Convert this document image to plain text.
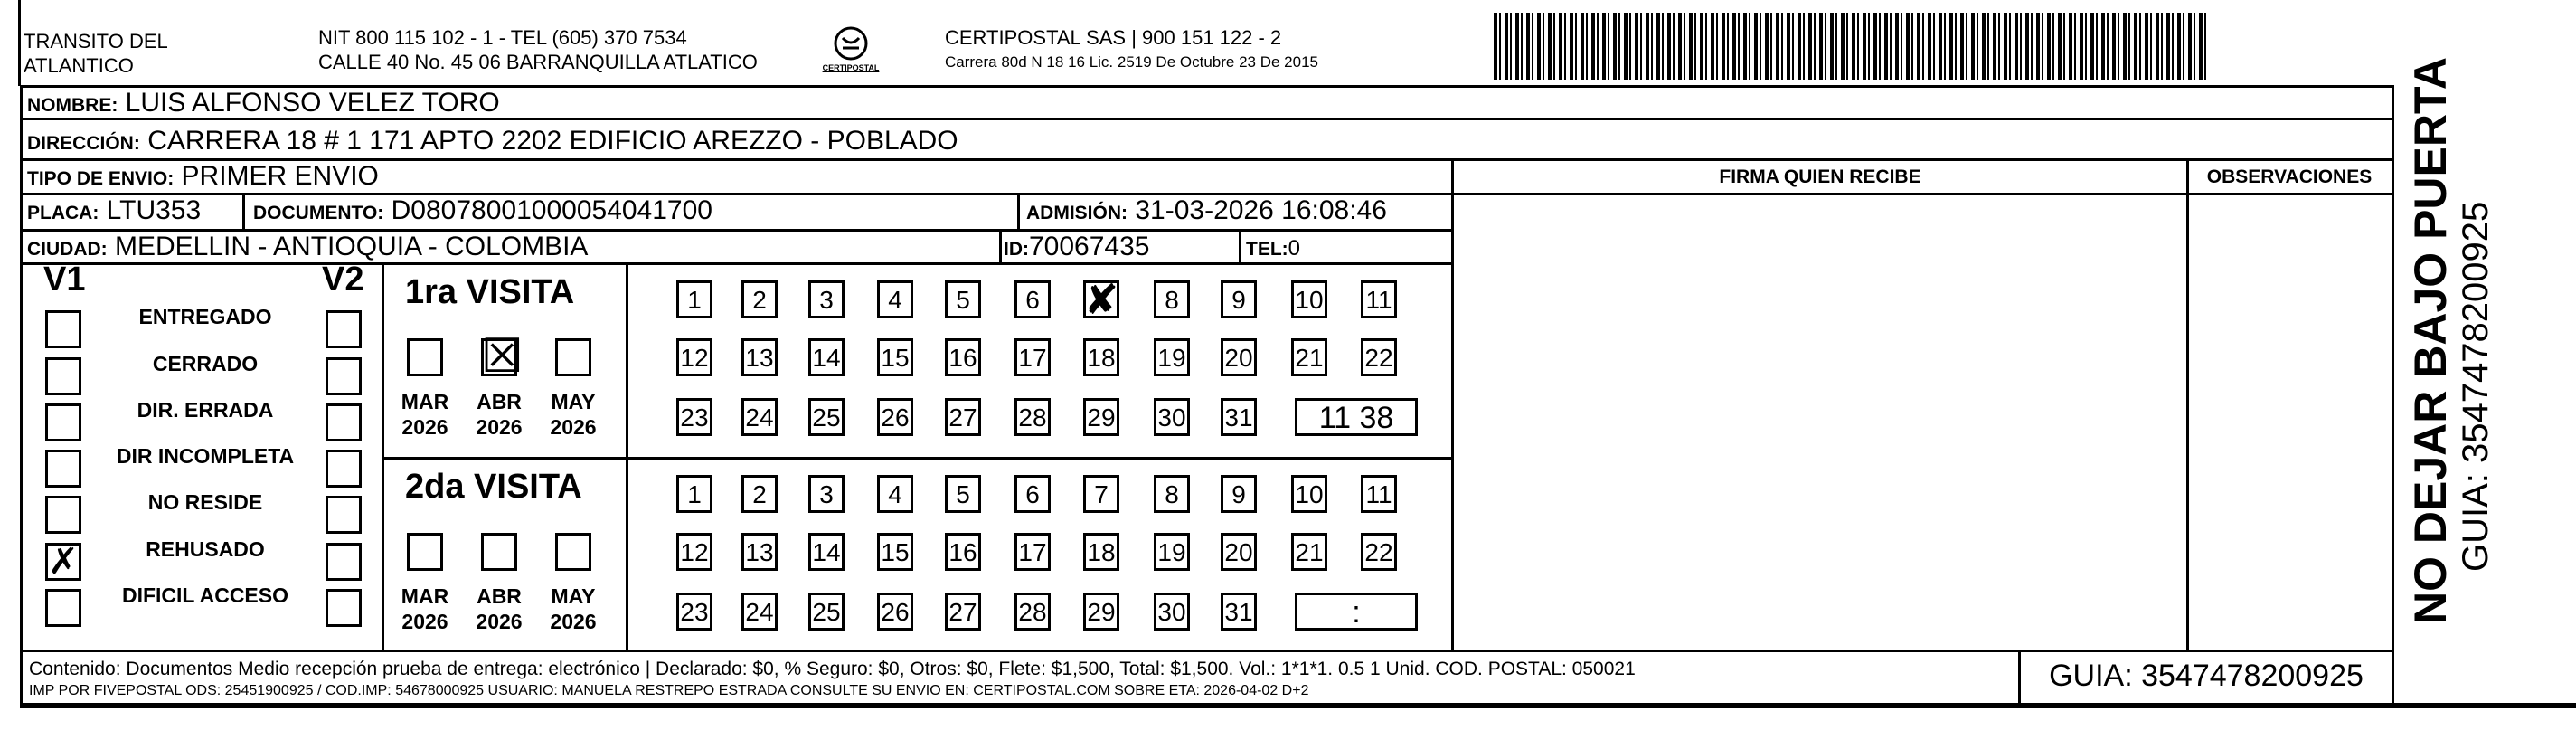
TRANSITO DEL
ATLANTICO
NIT 800 115 102 - 1 - TEL (605) 370 7534
CALLE 40 No. 45 06 BARRANQUILLA ATLATICO	CERTIPOSTAL
CERTIPOSTAL SAS | 900 151 122 - 2
Carrera 80d N 18 16 Lic. 2519 De Octubre 23 De 2015
NOMBRE: LUIS ALFONSO VELEZ TORO
DIRECCIÓN: CARRERA 18 # 1 171 APTO 2202 EDIFICIO AREZZO - POBLADO
TIPO DE ENVIO: PRIMER ENVIO	FIRMA QUIEN RECIBE	OBSERVACIONES
PLACA: LTU353	DOCUMENTO: D08078001000054041700	ADMISIÓN: 31-03-2026 16:08:46
CIUDAD: MEDELLIN - ANTIOQUIA - COLOMBIA	ID:70067435	TEL:0
V1	V2
ENTREGADO
CERRADO
DIR. ERRADA
DIR INCOMPLETA
NO RESIDE
✗	REHUSADO
DIFICIL ACCESO
1ra VISITA
MAR
2026
☒
ABR
2026
MAY
2026
1	2	3	4	5	6 ✘	8	9	10 11
12 13 14 15 16 17 18 19 20 21 22
23 24 25 26 27 28 29 30 31	11 38
2da VISITA
MAR
2026
ABR
2026
MAY
2026
1	2	3	4	5	6	7	8	9	10 11
12 13 14 15 16 17 18 19 20 21 22
23 24 25 26 27 28 29 30 31	:
Contenido: Documentos Medio recepción prueba de entrega: electrónico | Declarado: $0, % Seguro: $0, Otros: $0, Flete: $1,500, Total: $1,500. Vol.: 1*1*1. 0.5 1 Unid. COD. POSTAL: 050021
IMP POR FIVEPOSTAL ODS: 25451900925 / COD.IMP: 54678000925 USUARIO: MANUELA RESTREPO ESTRADA CONSULTE SU ENVIO EN: CERTIPOSTAL.COM SOBRE ETA: 2026-04-02 D+2	GUIA: 3547478200925
NO DEJAR BAJO PUERTA GUIA: 3547478200925
